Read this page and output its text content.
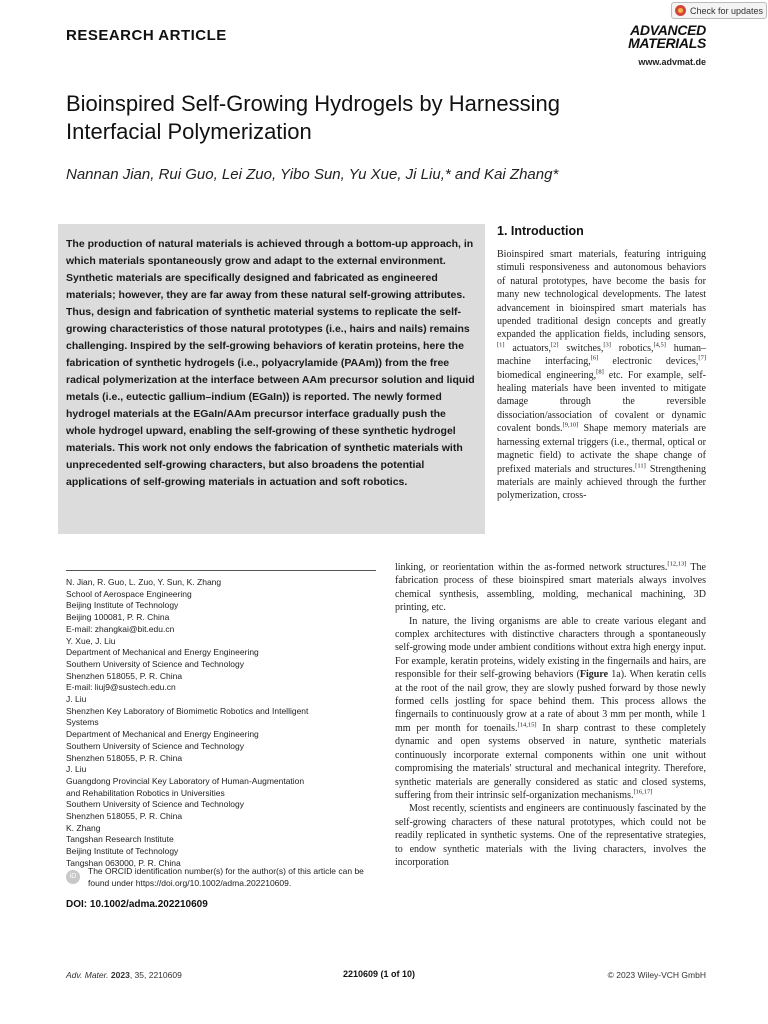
RESEARCH ARTICLE
Check for updates
ADVANCED
MATERIALS
www.advmat.de
Bioinspired Self-Growing Hydrogels by Harnessing Interfacial Polymerization
Nannan Jian, Rui Guo, Lei Zuo, Yibo Sun, Yu Xue, Ji Liu,* and Kai Zhang*
The production of natural materials is achieved through a bottom-up approach, in which materials spontaneously grow and adapt to the external environment. Synthetic materials are specifically designed and fabricated as engineered materials; however, they are far away from these natural self-growing attributes. Thus, design and fabrication of synthetic material systems to replicate the self-growing characteristics of those natural prototypes (i.e., hairs and nails) remains challenging. Inspired by the self-growing behaviors of keratin proteins, here the fabrication of synthetic hydrogels (i.e., polyacrylamide (PAAm)) from the free radical polymerization at the interface between AAm precursor solution and liquid metals (i.e., eutectic gallium–indium (EGaIn)) is reported. The newly formed hydrogel materials at the EGaIn/AAm precursor interface gradually push the whole hydrogel upward, enabling the self-growing of these synthetic hydrogel materials. This work not only endows the fabrication of synthetic materials with unprecedented self-growing characters, but also broadens the potential applications of self-growing materials in actuation and soft robotics.
1. Introduction

Bioinspired smart materials, featuring intriguing stimuli responsiveness and autonomous behaviors of natural prototypes, have become the basis for many new technological developments. The latest advancement in bioinspired smart materials has upended traditional design concepts and greatly expanded the application fields, including sensors,[1] actuators,[2] switches,[3] robotics,[4,5] human–machine interfacing,[6] electronic devices,[7] biomedical engineering,[8] etc. For example, self-healing materials have been invented to mitigate damage through the reversible dissociation/association of covalent or dynamic covalent bonds.[9,10] Shape memory materials are harnessing external triggers (i.e., thermal, optical or magnetic field) to activate the shape change of prefixed materials and structures.[11] Strengthening materials are mainly achieved through the further polymerization, cross-

linking, or reorientation within the as-formed network structures.[12,13] The fabrication process of these bioinspired smart materials always involves chemical synthesis, assembling, molding, mechanical machining, 3D printing, etc.

In nature, the living organisms are able to create various elegant and complex architectures with distinctive characters through a spontaneously self-growing mode under ambient conditions without extra high energy input. For example, keratin proteins, widely existing in the fingernails and hairs, are responsible for their self-growing behaviors (Figure 1a). When keratin cells at the root of the nail grow, they are slowly pushed forward by those newly formed cells jostling for space behind them. This process allows the fingernails to continuously grow at a rate of about 3 mm per month, while 1 mm per month for toenails.[14,15] In sharp contrast to these completely dynamic and open systems observed in nature, synthetic materials continuously incorporate external components within one unit without compromising the materials' structural and mechanical integrity. Therefore, synthetic materials are generally considered as static and closed systems, suffering from their intrinsic self-organization mechanisms.[16,17]

Most recently, scientists and engineers are continuously fascinated by the self-growing characters of these natural prototypes, which could not be readily replicated in synthetic systems. One of the representative strategies, to endow synthetic materials with the living characters, involves the incorporation

N. Jian, R. Guo, L. Zuo, Y. Sun, K. Zhang
School of Aerospace Engineering
Beijing Institute of Technology
Beijing 100081, P. R. China
E-mail: zhangkai@bit.edu.cn
Y. Xue, J. Liu
Department of Mechanical and Energy Engineering
Southern University of Science and Technology
Shenzhen 518055, P. R. China
E-mail: liuj9@sustech.edu.cn
J. Liu
Shenzhen Key Laboratory of Biomimetic Robotics and Intelligent
Systems
Department of Mechanical and Energy Engineering
Southern University of Science and Technology
Shenzhen 518055, P. R. China
J. Liu
Guangdong Provincial Key Laboratory of Human-Augmentation
and Rehabilitation Robotics in Universities
Southern University of Science and Technology
Shenzhen 518055, P. R. China
K. Zhang
Tangshan Research Institute
Beijing Institute of Technology
Tangshan 063000, P. R. China
iD
The ORCID identification number(s) for the author(s) of this article can be found under https://doi.org/10.1002/adma.202210609.
DOI: 10.1002/adma.202210609
Adv. Mater. 2023, 35, 2210609	2210609 (1 of 10)	© 2023 Wiley-VCH GmbH
